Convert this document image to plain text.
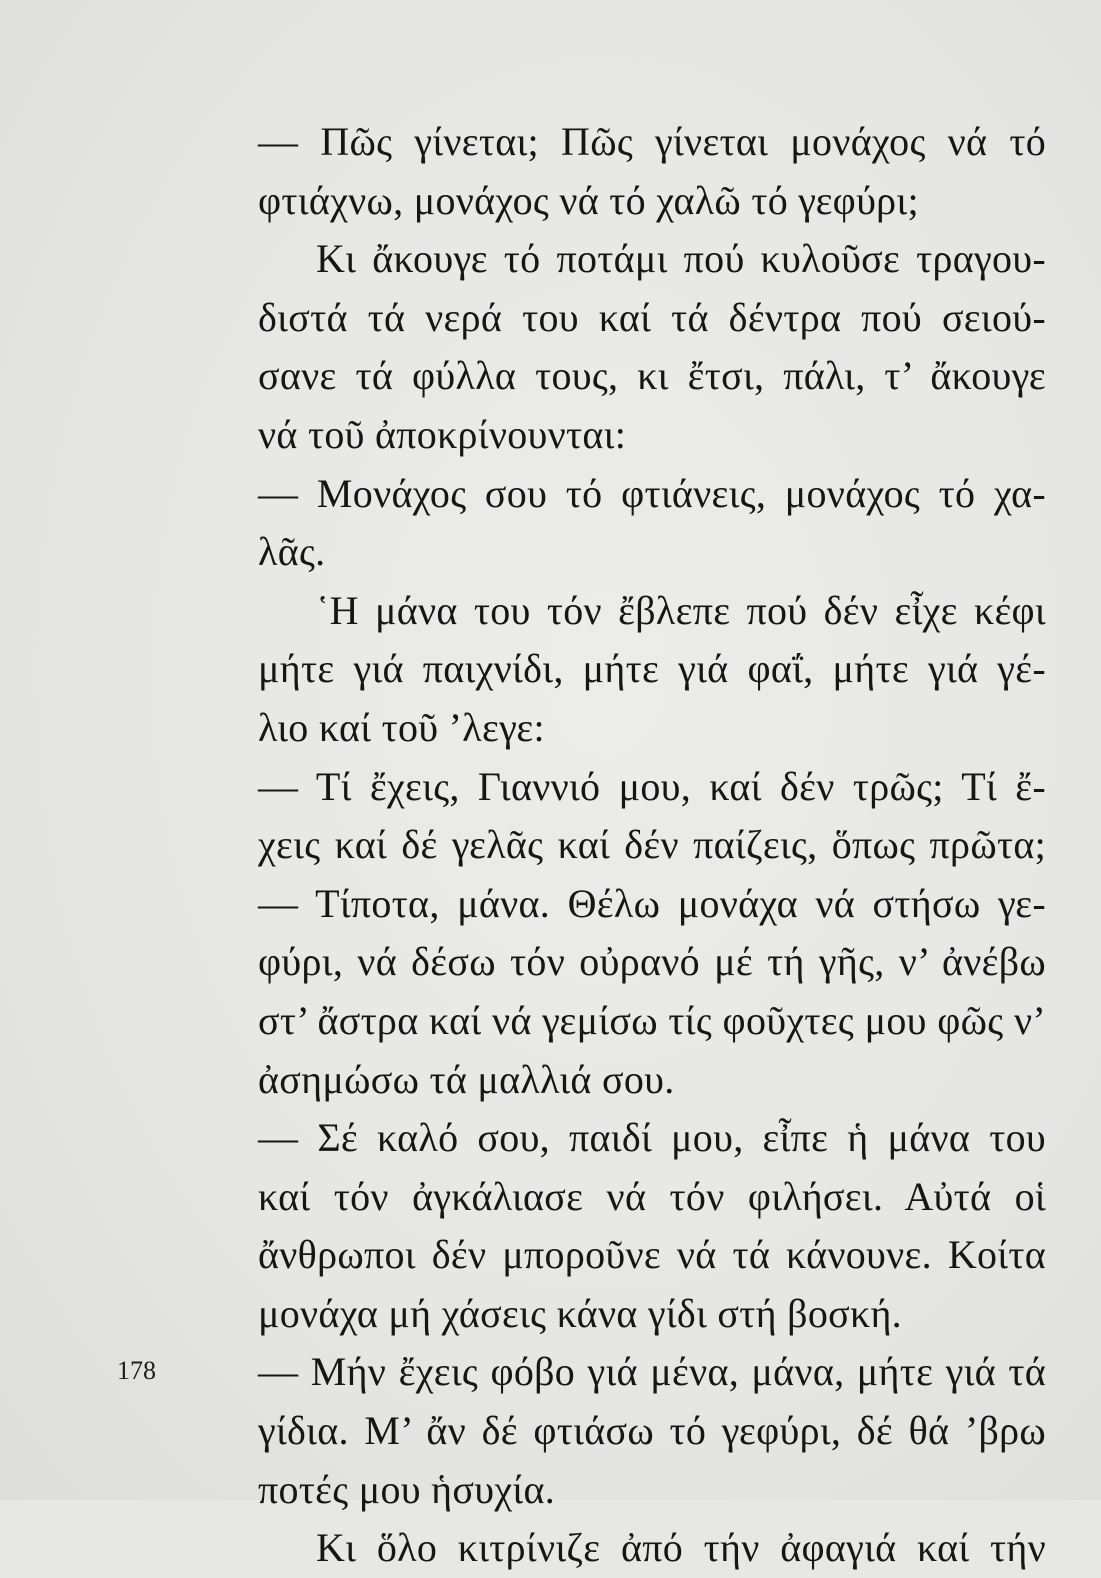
— Πῶς γίνεται; Πῶς γίνεται μονάχος νά τό
φτιάχνω, μονάχος νά τό χαλῶ τό γεφύρι;
Κι ἄκουγε τό ποτάμι πού κυλοῦσε τραγου-
διστά τά νερά του καί τά δέντρα πού σειού-
σανε τά φύλλα τους, κι ἔτσι, πάλι, τ’ ἄκουγε
νά τοῦ ἀποκρίνουνται:
— Μονάχος σου τό φτιάνεις, μονάχος τό χα-
λᾶς.
῾Η μάνα του τόν ἔβλεπε πού δέν εἶχε κέφι
μήτε γιά παιχνίδι, μήτε γιά φαΐ, μήτε γιά γέ-
λιο καί τοῦ ’λεγε:
— Τί ἔχεις, Γιαννιό μου, καί δέν τρῶς; Τί ἔ-
χεις καί δέ γελᾶς καί δέν παίζεις, ὅπως πρῶτα;
— Τίποτα, μάνα. Θέλω μονάχα νά στήσω γε-
φύρι, νά δέσω τόν οὐρανό μέ τή γῆς, ν’ ἀνέβω
στ’ ἄστρα καί νά γεμίσω τίς φοῦχτες μου φῶς ν’
ἀσημώσω τά μαλλιά σου.
— Σέ καλό σου, παιδί μου, εἶπε ἡ μάνα του
καί τόν ἀγκάλιασε νά τόν φιλήσει. Αὐτά οἱ
ἄνθρωποι δέν μποροῦνε νά τά κάνουνε. Κοίτα
μονάχα μή χάσεις κάνα γίδι στή βοσκή.
— Μήν ἔχεις φόβο γιά μένα, μάνα, μήτε γιά τά
γίδια. Μ’ ἄν δέ φτιάσω τό γεφύρι, δέ θά ’βρω
ποτές μου ἡσυχία.
Κι ὅλο κιτρίνιζε ἀπό τήν ἀφαγιά καί τήν
178
